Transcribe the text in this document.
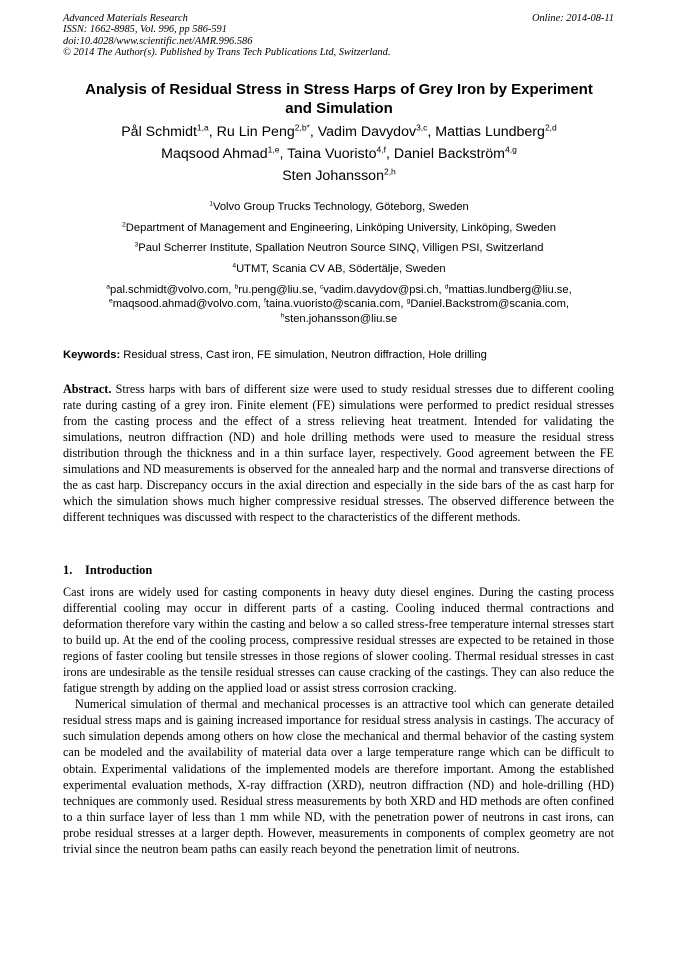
Advanced Materials Research
ISSN: 1662-8985, Vol. 996, pp 586-591
doi:10.4028/www.scientific.net/AMR.996.586
© 2014 The Author(s). Published by Trans Tech Publications Ltd, Switzerland.
Online: 2014-08-11
Analysis of Residual Stress in Stress Harps of Grey Iron by Experiment
and Simulation
Pål Schmidt$^{1,a}$, Ru Lin Peng$^{2,b*}$, Vadim Davydov$^{3,c}$, Mattias Lundberg$^{2,d}$
Maqsood Ahmad$^{1,e}$, Taina Vuoristo$^{4,f}$, Daniel Backström$^{4,g}$
Sten Johansson$^{2,h}$
$^1$Volvo Group Trucks Technology, Göteborg, Sweden
$^2$Department of Management and Engineering, Linköping University, Linköping, Sweden
$^3$Paul Scherrer Institute, Spallation Neutron Source SINQ, Villigen PSI, Switzerland
$^4$UTMT, Scania CV AB, Södertälje, Sweden
$^a$pal.schmidt@volvo.com, $^b$ru.peng@liu.se, $^c$vadim.davydov@psi.ch, $^d$mattias.lundberg@liu.se,
$^e$maqsood.ahmad@volvo.com, $^f$taina.vuoristo@scania.com, $^g$Daniel.Backstrom@scania.com,
$^h$sten.johansson@liu.se
Keywords: Residual stress, Cast iron, FE simulation, Neutron diffraction, Hole drilling

Abstract. Stress harps with bars of different size were used to study residual stresses due to different cooling rate during casting of a grey iron. Finite element (FE) simulations were performed to predict residual stresses from the casting process and the effect of a stress relieving heat treatment. Intended for validating the simulations, neutron diffraction (ND) and hole drilling methods were used to measure the residual stress distribution through the thickness and in a thin surface layer, respectively. Good agreement between the FE simulations and ND measurements is observed for the annealed harp and the normal and transverse directions of the as cast harp. Discrepancy occurs in the axial direction and especially in the side bars of the as cast harp for which the simulation shows much higher compressive residual stresses. The observed difference between the different techniques was discussed with respect to the characteristics of the different methods.

1. Introduction

Cast irons are widely used for casting components in heavy duty diesel engines. During the casting process differential cooling may occur in different parts of a casting. Cooling induced thermal contractions and deformation therefore vary within the casting and below a so called stress-free temperature internal stresses start to build up. At the end of the cooling process, compressive residual stresses are expected to be retained in those regions of faster cooling but tensile stresses in those regions of slower cooling. Thermal residual stresses in cast irons are undesirable as the tensile residual stresses can cause cracking of the castings. They can also reduce the fatigue strength by adding on the applied load or assist stress corrosion cracking.

Numerical simulation of thermal and mechanical processes is an attractive tool which can generate detailed residual stress maps and is gaining increased importance for residual stress analysis in castings. The accuracy of such simulation depends among others on how close the mechanical and thermal behavior of the casting system can be modeled and the availability of material data over a large temperature range which can be difficult to obtain. Experimental validations of the implemented models are therefore important. Among the established experimental evaluation methods, X-ray diffraction (XRD), neutron diffraction (ND) and hole-drilling (HD) techniques are commonly used. Residual stress measurements by both XRD and HD methods are often confined to a thin surface layer of less than 1 mm while ND, with the penetration power of neutrons in cast irons, can probe residual stresses at a larger depth. However, measurements in components of complex geometry are not trivial since the neutron beam paths can easily reach beyond the penetration limit of neutrons.
